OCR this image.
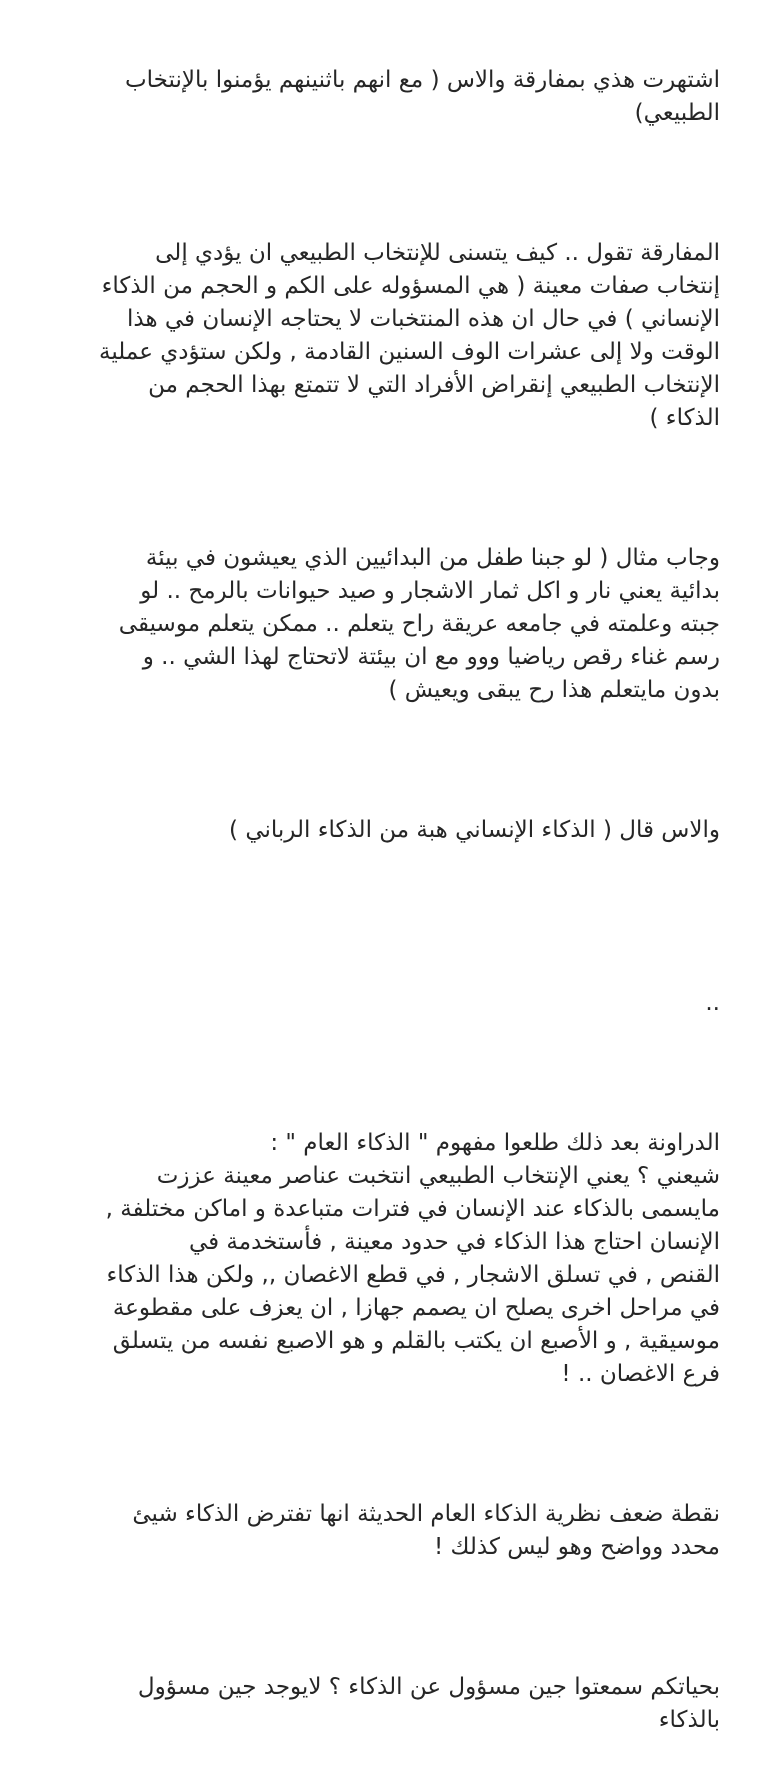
اشتهرت هذي بمفارقة والاس ( مع انهم باثنينهم يؤمنوا بالإنتخاب
الطبيعي)

المفارقة تقول .. كيف يتسنى للإنتخاب الطبيعي ان يؤدي إلى
إنتخاب صفات معينة ( هي المسؤوله على الكم و الحجم من الذكاء
الإنساني ) في حال ان هذه المنتخبات لا يحتاجه الإنسان في هذا
الوقت ولا إلى عشرات الوف السنين القادمة , ولكن ستؤدي عملية
الإنتخاب الطبيعي إنقراض الأفراد التي لا تتمتع بهذا الحجم من
الذكاء )

وجاب مثال ( لو جبنا طفل من البدائيين الذي يعيشون في بيئة
بدائية يعني نار و اكل ثمار الاشجار و صيد حيوانات بالرمح .. لو
جبته وعلمته في جامعه عريقة راح يتعلم .. ممكن يتعلم موسيقى
رسم غناء رقص رياضيا ووو مع ان بيئتة لاتحتاج لهذا الشي .. و
بدون مايتعلم هذا رح يبقى ويعيش )

والاس قال ( الذكاء الإنساني هبة من الذكاء الرباني )

..

الدراونة بعد ذلك طلعوا مفهوم " الذكاء العام " :
شيعني ؟ يعني الإنتخاب الطبيعي انتخبت عناصر معينة عززت
مايسمى بالذكاء عند الإنسان في فترات متباعدة و اماكن مختلفة ,
الإنسان احتاج هذا الذكاء في حدود معينة , فأستخدمة في
القنص , في تسلق الاشجار , في قطع الاغصان ,, ولكن هذا الذكاء
في مراحل اخرى يصلح ان يصمم جهازا , ان يعزف على مقطوعة
موسيقية , و الأصبع ان يكتب بالقلم و هو الاصبع نفسه من يتسلق
فرع الاغصان .. !

نقطة ضعف نظرية الذكاء العام الحديثة انها تفترض الذكاء شيئ
محدد وواضح وهو ليس كذلك !

بحياتكم سمعتوا جين مسؤول عن الذكاء ؟ لايوجد جين مسؤول
بالذكاء
